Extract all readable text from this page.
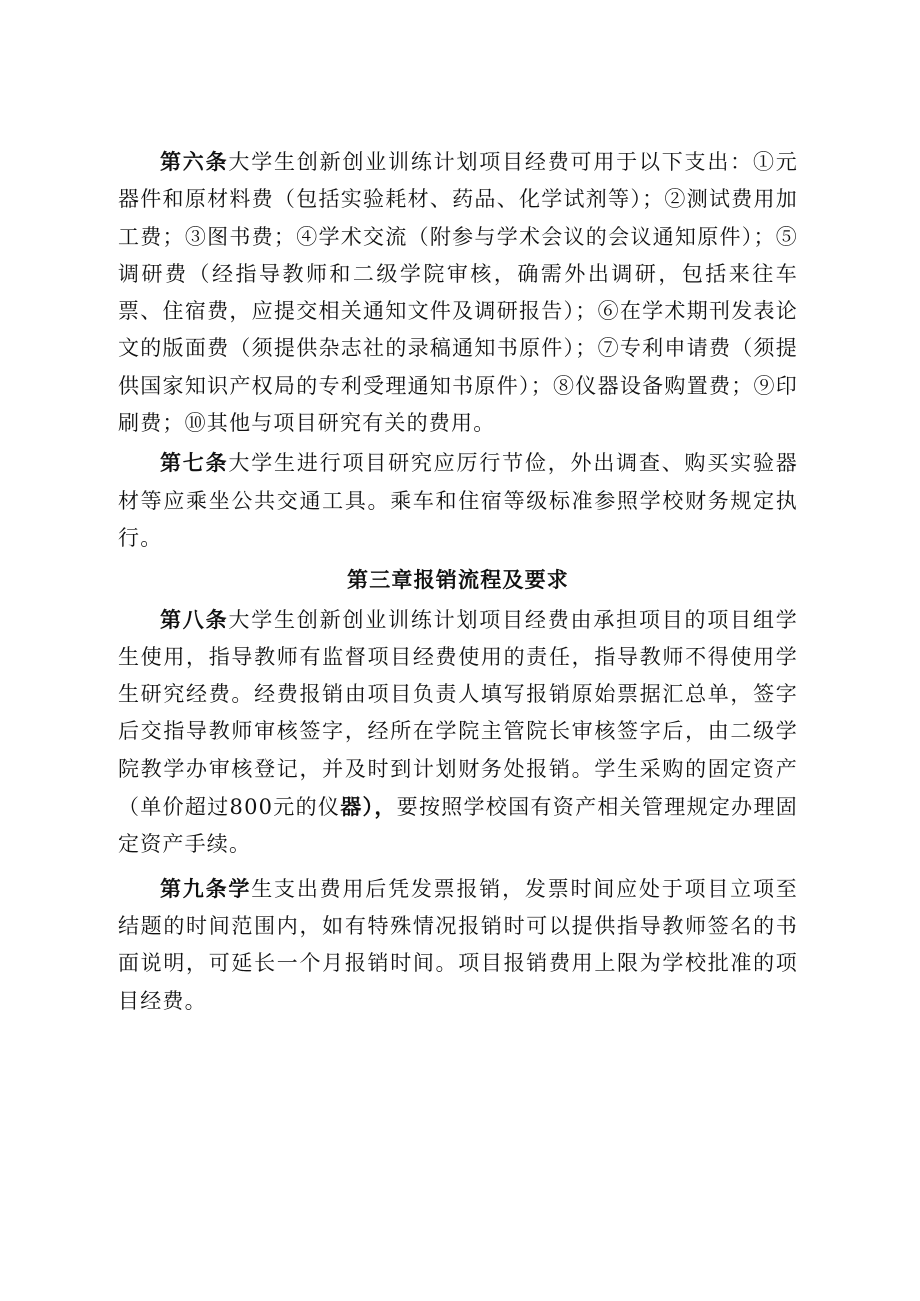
第六条大学生创新创业训练计划项目经费可用于以下支出：①元器件和原材料费（包括实验耗材、药品、化学试剂等）；②测试费用加工费；③图书费；④学术交流（附参与学术会议的会议通知原件）；⑤调研费（经指导教师和二级学院审核，确需外出调研，包括来往车票、住宿费，应提交相关通知文件及调研报告）；⑥在学术期刊发表论文的版面费（须提供杂志社的录稿通知书原件）；⑦专利申请费（须提供国家知识产权局的专利受理通知书原件）；⑧仪器设备购置费；⑨印刷费；⑩其他与项目研究有关的费用。

第七条大学生进行项目研究应厉行节俭，外出调查、购买实验器材等应乘坐公共交通工具。乘车和住宿等级标准参照学校财务规定执行。

第三章报销流程及要求

第八条大学生创新创业训练计划项目经费由承担项目的项目组学生使用，指导教师有监督项目经费使用的责任，指导教师不得使用学生研究经费。经费报销由项目负责人填写报销原始票据汇总单，签字后交指导教师审核签字，经所在学院主管院长审核签字后，由二级学院教学办审核登记，并及时到计划财务处报销。学生采购的固定资产（单价超过800元的仪器），要按照学校国有资产相关管理规定办理固定资产手续。

第九条学生支出费用后凭发票报销，发票时间应处于项目立项至结题的时间范围内，如有特殊情况报销时可以提供指导教师签名的书面说明，可延长一个月报销时间。项目报销费用上限为学校批准的项目经费。
